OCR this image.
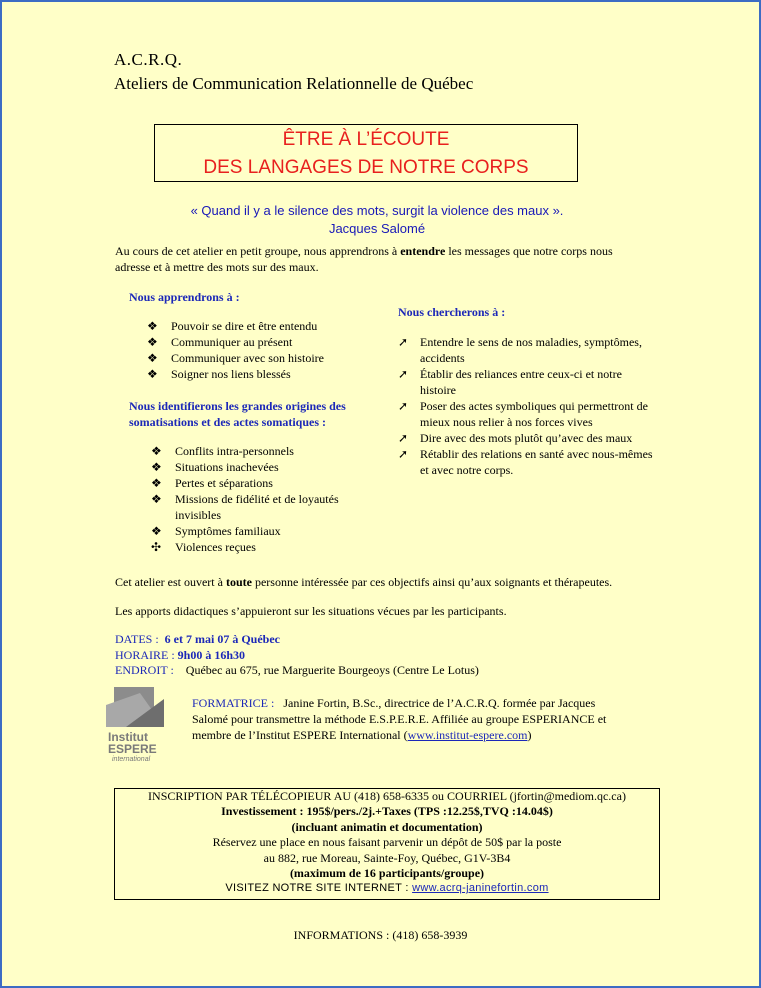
A.C.R.Q.
Ateliers de Communication Relationnelle de Québec
ÊTRE À L’ÉCOUTE
DES LANGAGES DE NOTRE CORPS
« Quand il y a le silence des mots, surgit la violence des maux ».
Jacques Salomé
Au cours de cet atelier en petit groupe, nous apprendrons à entendre les messages que notre corps nous adresse et à mettre des mots sur des maux.
Nous apprendrons à :
❖	Pouvoir se dire et être entendu
❖	Communiquer au présent
❖	Communiquer avec son histoire
❖	Soigner nos liens blessés
Nous identifierons les grandes origines des somatisations et des actes somatiques :
❖	Conflits intra-personnels
❖	Situations inachevées
❖	Pertes et séparations
❖	Missions de fidélité et de loyautés invisibles
❖	Symptômes familiaux
✣	Violences reçues
Nous chercherons à :
➚ Entendre le sens de nos maladies, symptômes, accidents
➚ Établir des reliances entre ceux-ci et notre histoire
➚ Poser des actes symboliques qui permettront de mieux nous relier à nos forces vives
➚ Dire avec des mots plutôt qu’avec des maux
➚ Rétablir des relations en santé avec nous-mêmes et avec notre corps.
Cet atelier est ouvert à toute personne intéressée par ces objectifs ainsi qu’aux soignants et thérapeutes.
Les apports didactiques s’appuieront sur les situations vécues par les participants.
DATES : 6 et 7 mai 07 à Québec
HORAIRE : 9h00 à 16h30
ENDROIT : Québec au 675, rue Marguerite Bourgeoys (Centre Le Lotus)
Institut
ESPERE
international
FORMATRICE : Janine Fortin, B.Sc., directrice de l’A.C.R.Q. formée par Jacques Salomé pour transmettre la méthode E.S.P.E.R.E. Affiliée au groupe ESPERIANCE et membre de l’Institut ESPERE International (www.institut-espere.com)
INSCRIPTION PAR TÉLÉCOPIEUR AU (418) 658-6335 ou COURRIEL (jfortin@mediom.qc.ca)
Investissement : 195$/pers./2j.+Taxes (TPS :12.25$,TVQ :14.04$)
(incluant animatin et documentation)
Réservez une place en nous faisant parvenir un dépôt de 50$ par la poste
au 882, rue Moreau, Sainte-Foy, Québec, G1V-3B4
(maximum de 16 participants/groupe)
VISITEZ NOTRE SITE INTERNET : www.acrq-janinefortin.com
INFORMATIONS : (418) 658-3939
